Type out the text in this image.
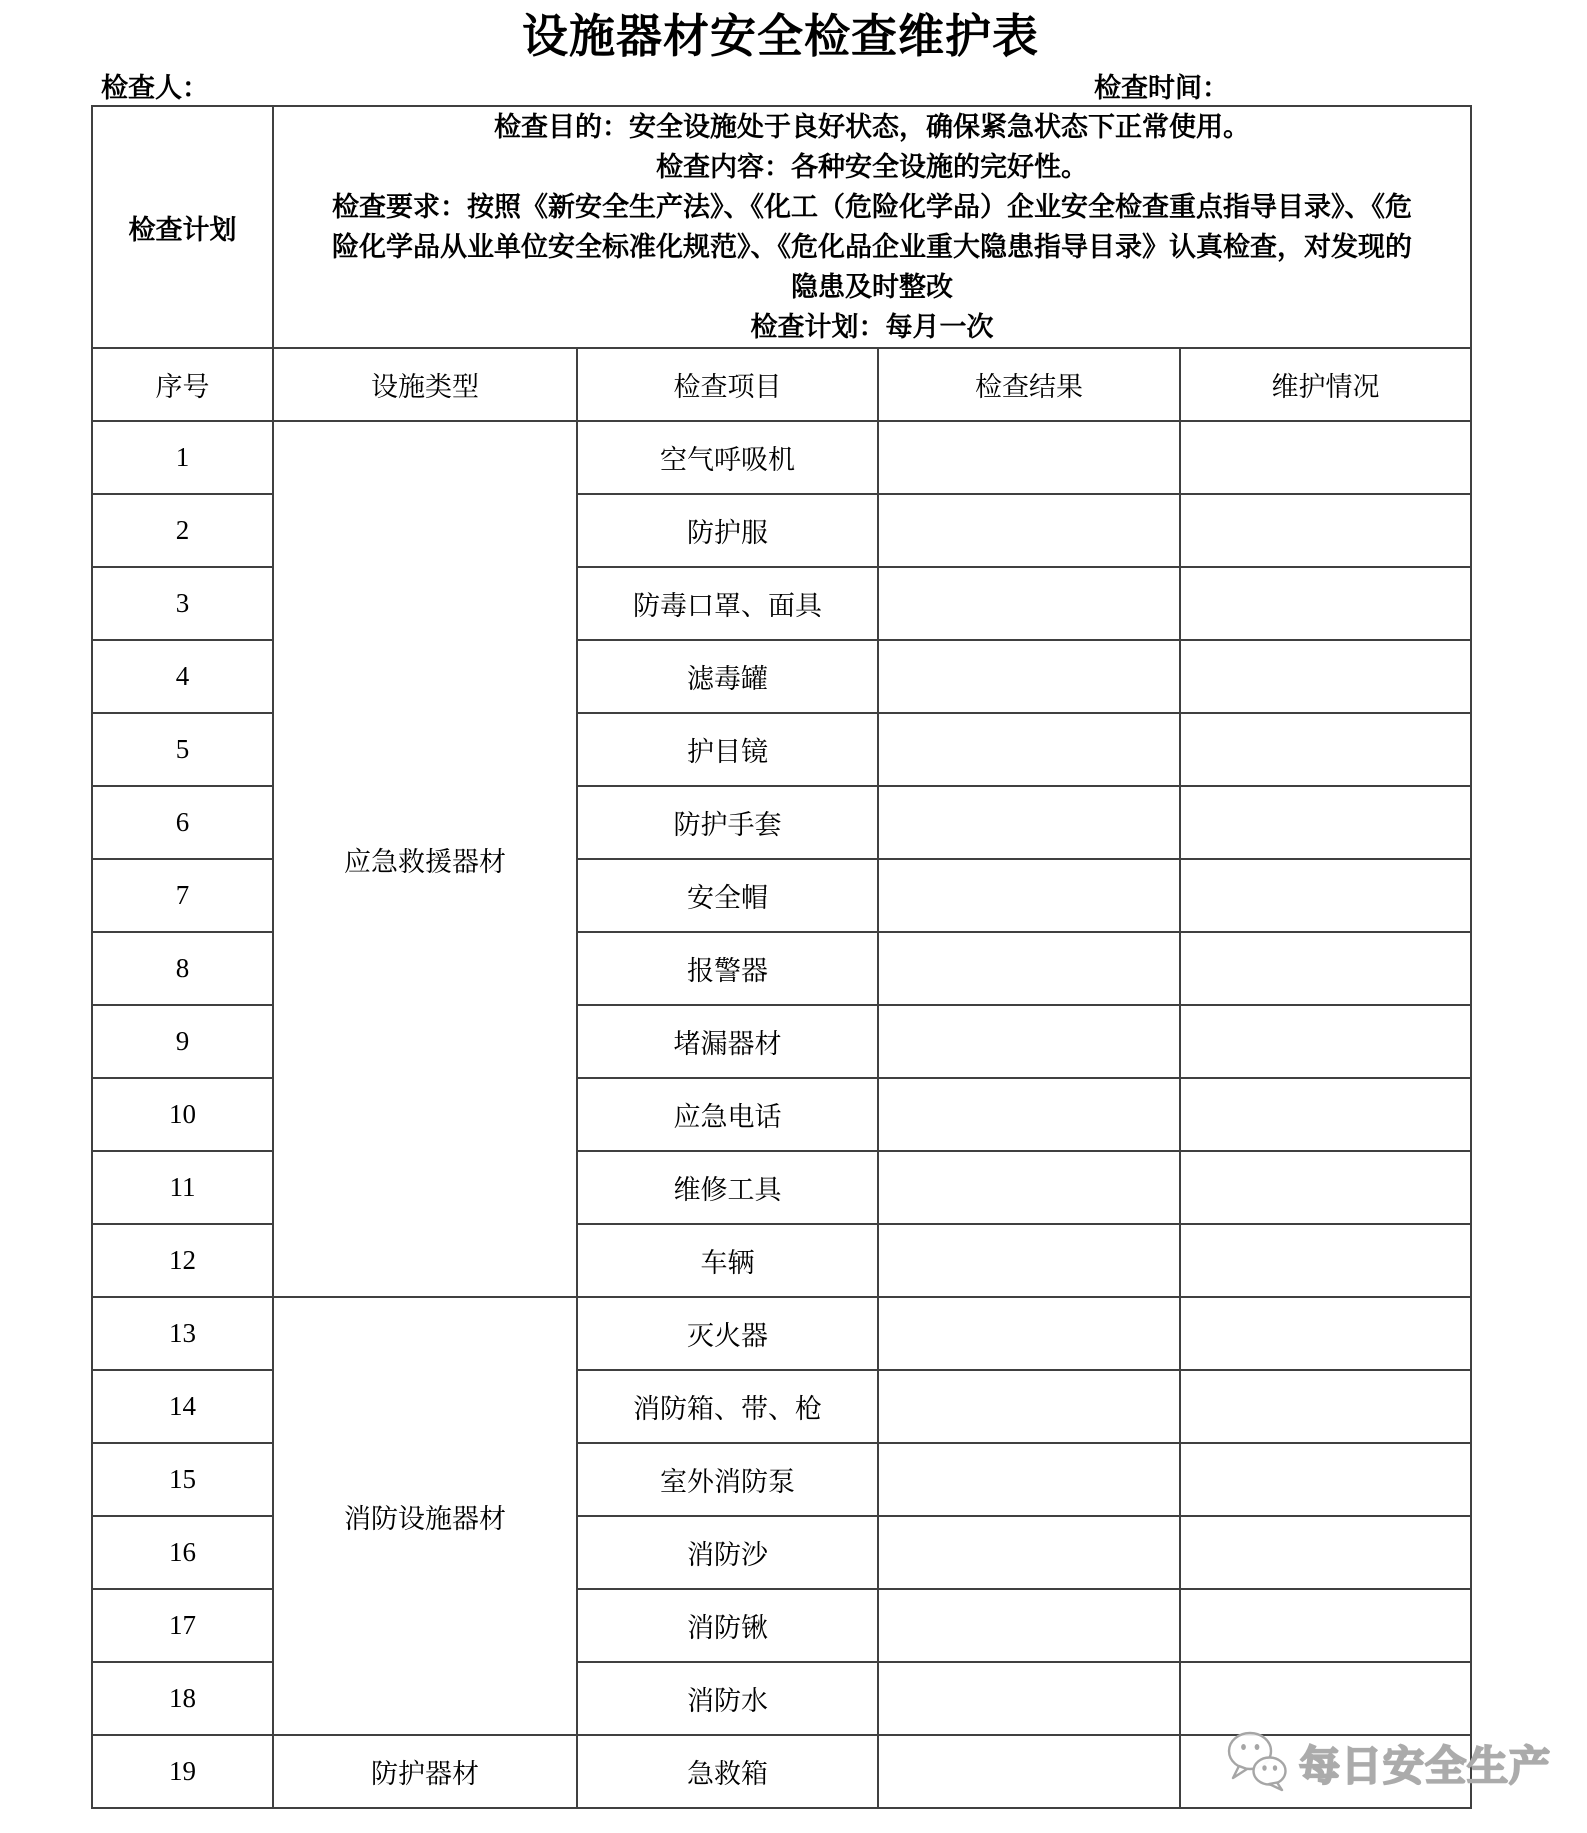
设施器材安全检查维护表
检查人：	检查时间：
检查计划	
检查目的：安全设施处于良好状态，确保紧急状态下正常使用。
检查内容：各种安全设施的完好性。
检查要求：按照《新安全生产法》、《化工（危险化学品）企业安全检查重点指导目录》、《危
险化学品从业单位安全标准化规范》、《危化品企业重大隐患指导目录》认真检查，对发现的
隐患及时整改
检查计划：每月一次

序号	设施类型	检查项目	检查结果	维护情况
1	应急救援器材	空气呼吸机		
2		防护服		
3		防毒口罩、面具		
4		滤毒罐		
5		护目镜		
6		防护手套		
7		安全帽		
8		报警器		
9		堵漏器材		
10		应急电话		
11		维修工具		
12		车辆		
13	消防设施器材	灭火器		
14		消防箱、带、枪		
15		室外消防泵		
16		消防沙		
17		消防锹		
18		消防水		
19	防护器材	急救箱			每日安全生产
